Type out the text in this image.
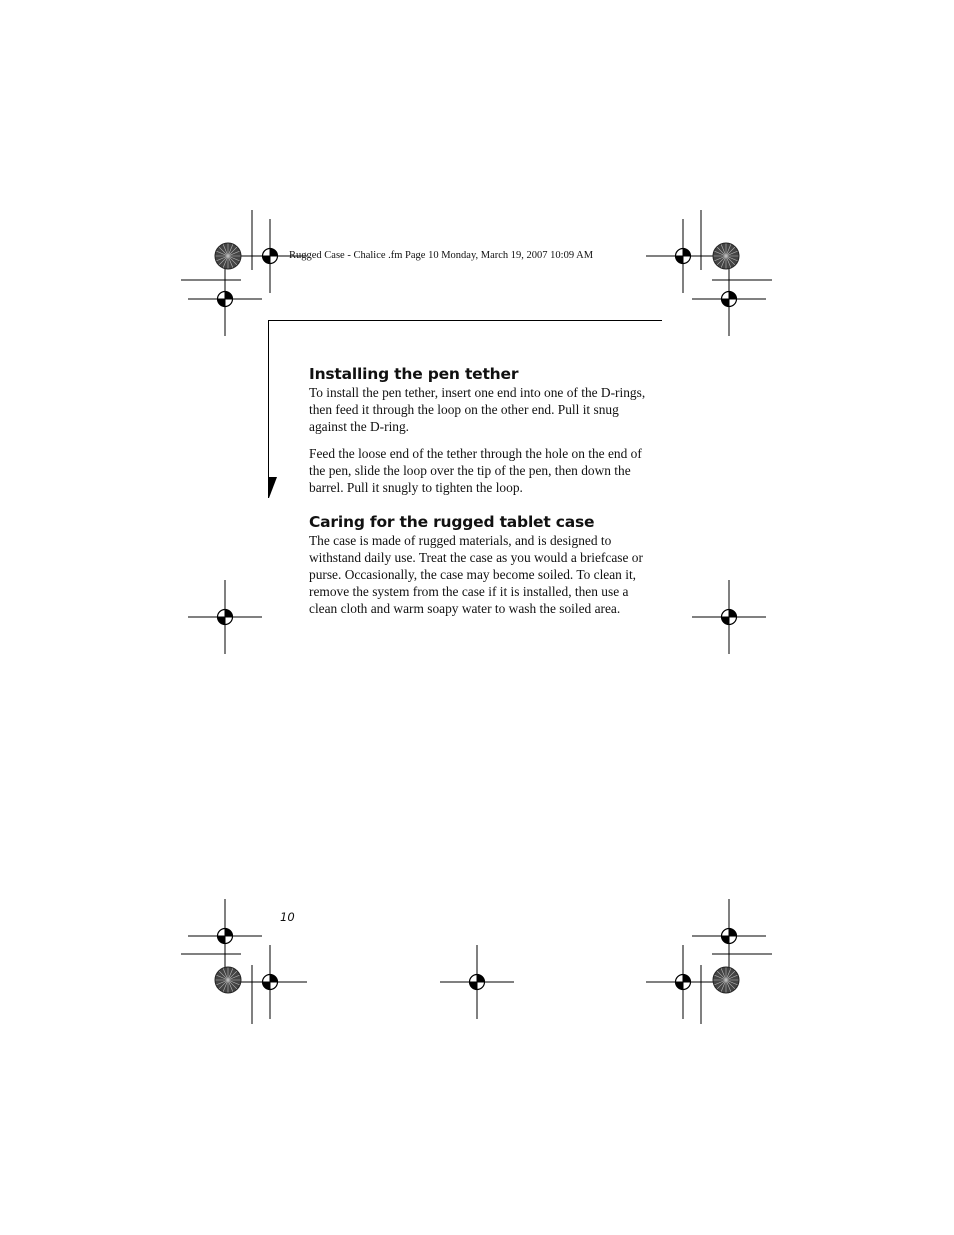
Rugged Case - Chalice .fm Page 10 Monday, March 19, 2007 10:09 AM
Installing the pen tether

To install the pen tether, insert one end into one of the D-rings, then feed it through the loop on the other end. Pull it snug against the D-ring.

Feed the loose end of the tether through the hole on the end of the pen, slide the loop over the tip of the pen, then down the barrel. Pull it snugly to tighten the loop.

Caring for the rugged tablet case

The case is made of rugged materials, and is designed to withstand daily use. Treat the case as you would a briefcase or purse. Occasionally, the case may become soiled. To clean it, remove the system from the case if it is installed, then use a clean cloth and warm soapy water to wash the soiled area.

10
